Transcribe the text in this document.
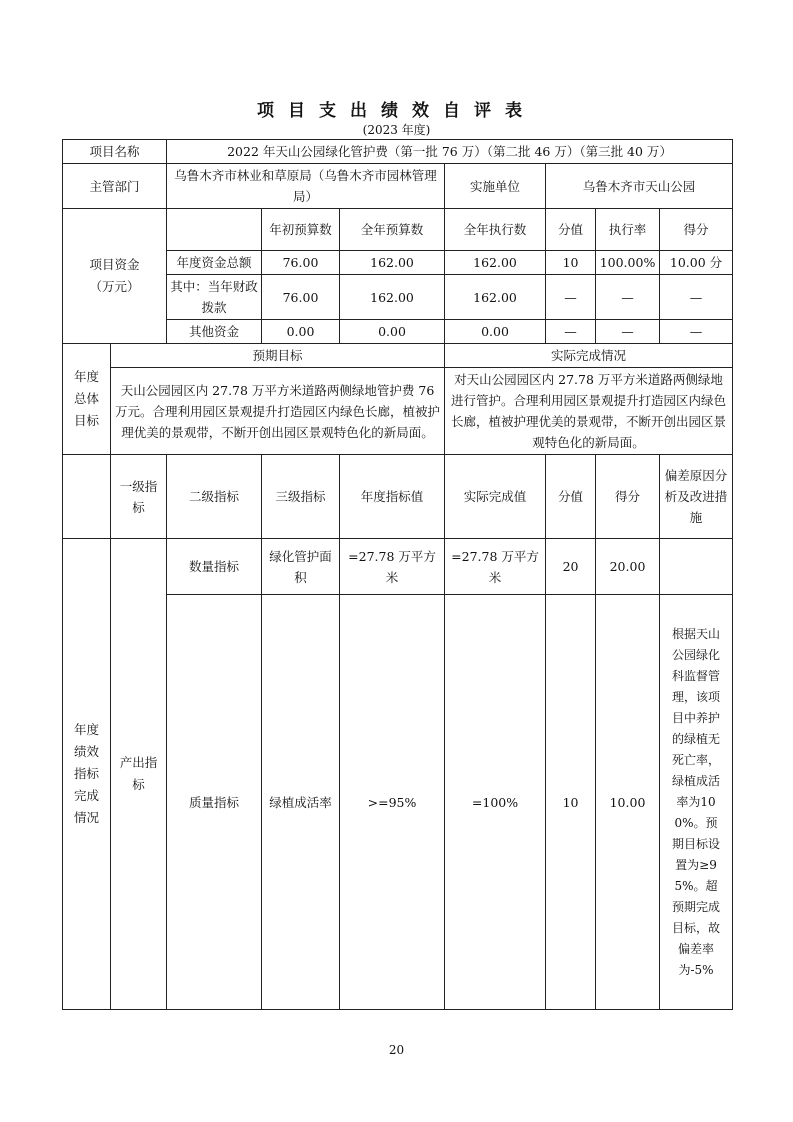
项目支出绩效自评表
(2023 年度)
项目名称		2022 年天山公园绿化管护费（第一批 76 万）（第二批 46 万）（第三批 40 万）						
主管部门		乌鲁木齐市林业和草原局（乌鲁木齐市园林管理局）			实施单位	乌鲁木齐市天山公园		
项目资金（万元）			年初预算数	全年预算数	全年执行数	分值	执行率	得分
		年度资金总额	76.00	162.00	162.00	10	100.00%	10.00 分
		其中：当年财政拨款	76.00	162.00	162.00	—	—	—
		其他资金	0.00	0.00	0.00	—	—	—
年度总体目标	预期目标				实际完成情况			
	天山公园园区内 27.78 万平方米道路两侧绿地管护费 76 万元。合理利用园区景观提升打造园区内绿色长廊，植被护理优美的景观带，不断开创出园区景观特色化的新局面。				对天山公园园区内 27.78 万平方米道路两侧绿地进行管护。合理利用园区景观提升打造园区内绿色长廊，植被护理优美的景观带，不断开创出园区景观特色化的新局面。			
	一级指标	二级指标	三级指标	年度指标值	实际完成值	分值	得分	偏差原因分析及改进措施
年度绩效指标完成情况	产出指标	数量指标	绿化管护面积	=27.78 万平方米	=27.78 万平方米	20	20.00	
		质量指标	绿植成活率	>=95%	=100%	10	10.00	根据天山公园绿化科监督管理，该项目中养护的绿植无死亡率，绿植成活率为100%。预期目标设置为≥95%。超预期完成目标，故偏差率为-5%
20
